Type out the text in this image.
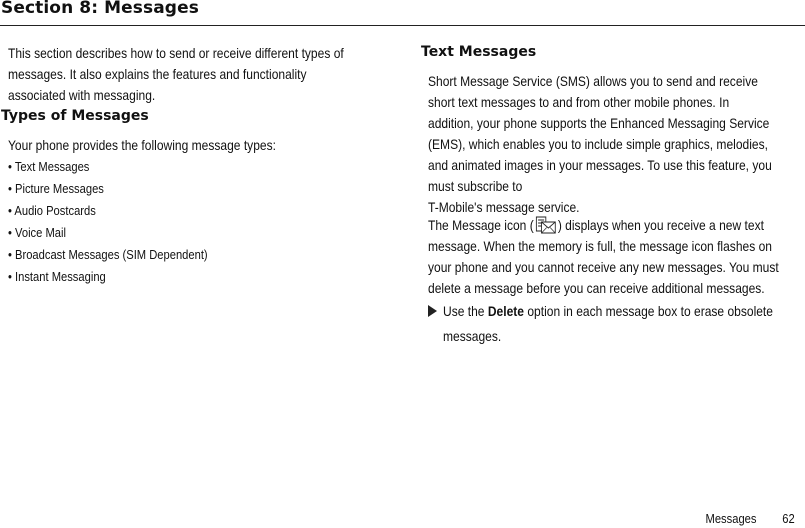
Section 8: Messages
This section describes how to send or receive different types of
messages. It also explains the features and functionality
associated with messaging.
Types of Messages
Your phone provides the following message types:
• Text Messages
• Picture Messages
• Audio Postcards
• Voice Mail
• Broadcast Messages (SIM Dependent)
• Instant Messaging
Text Messages
Short Message Service (SMS) allows you to send and receive
short text messages to and from other mobile phones. In
addition, your phone supports the Enhanced Messaging Service
(EMS), which enables you to include simple graphics, melodies,
and animated images in your messages. To use this feature, you
must subscribe to
T-Mobile's message service.
The Message icon ( ) displays when you receive a new text
message. When the memory is full, the message icon flashes on
your phone and you cannot receive any new messages. You must
delete a message before you can receive additional messages.
Use the Delete option in each message box to erase obsolete
messages.
Messages 62
